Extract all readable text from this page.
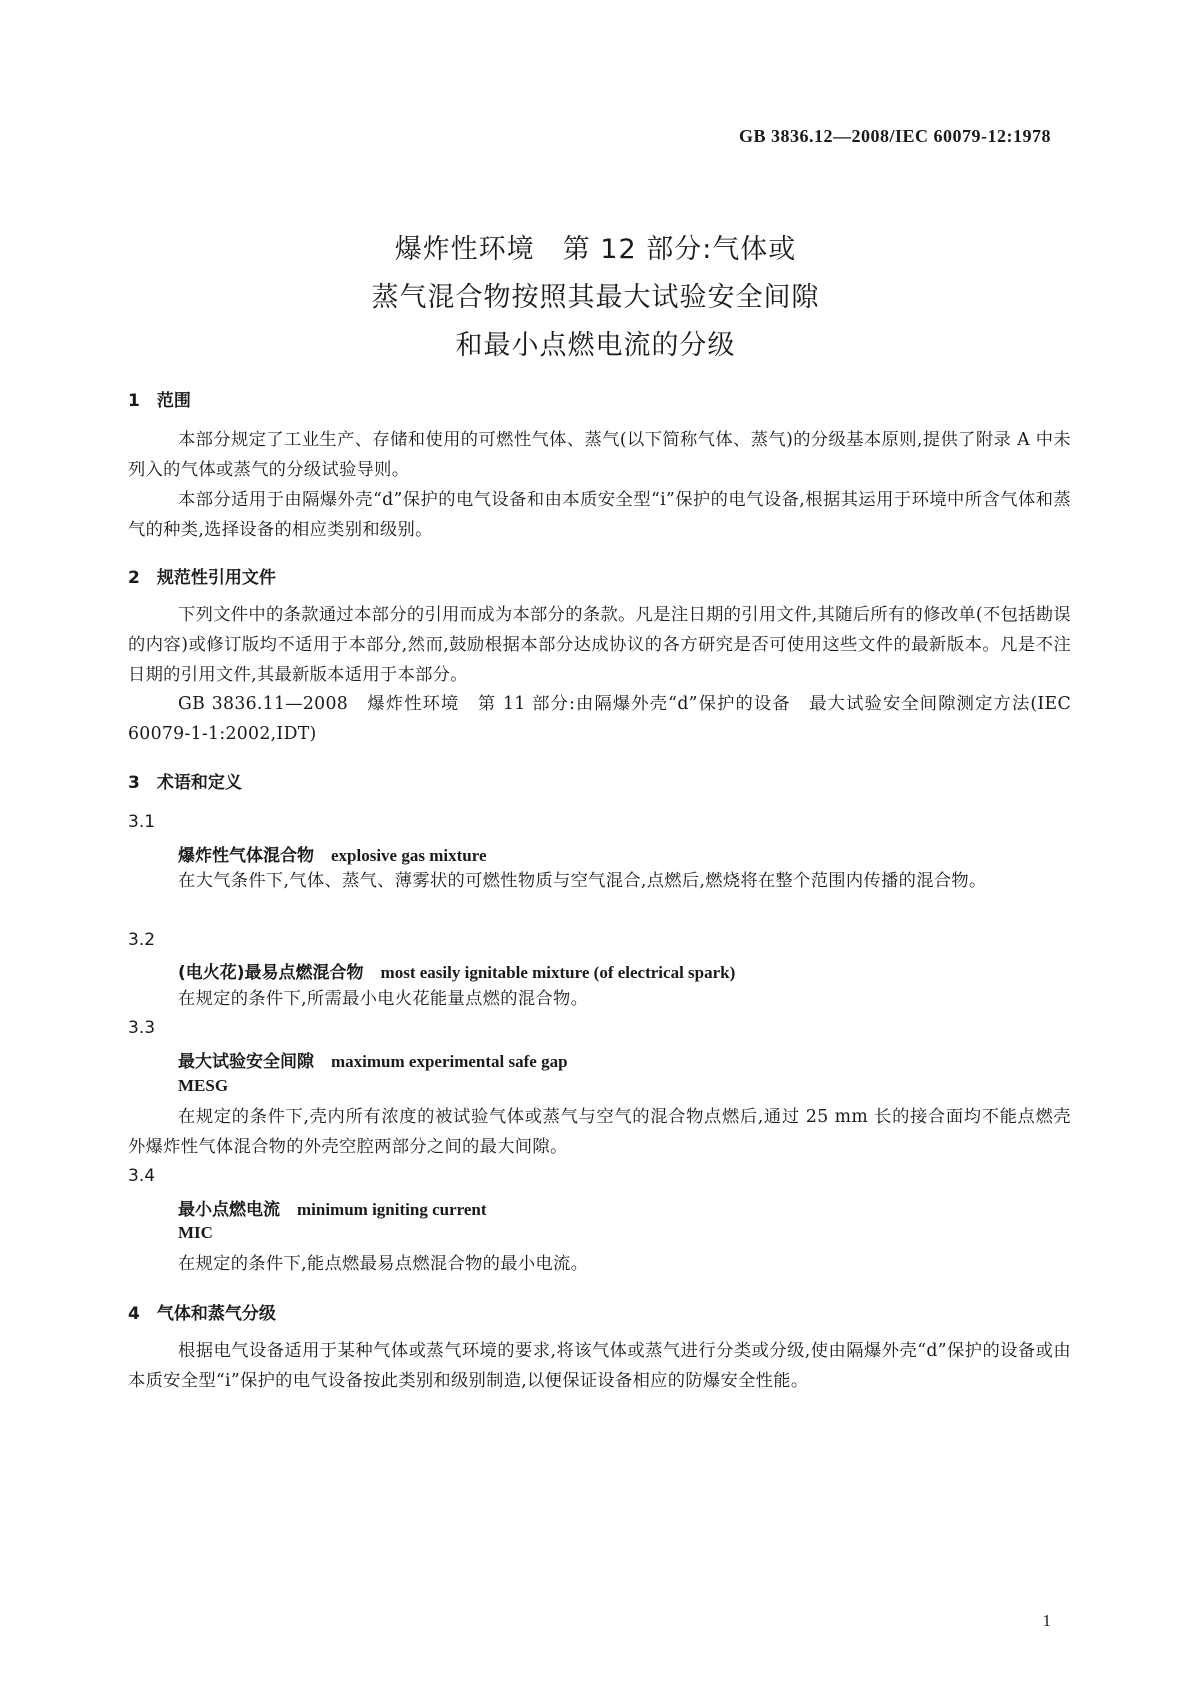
GB 3836.12—2008/IEC 60079-12:1978
爆炸性环境　第 12 部分:气体或
蒸气混合物按照其最大试验安全间隙
和最小点燃电流的分级
1　范围
本部分规定了工业生产、存储和使用的可燃性气体、蒸气(以下简称气体、蒸气)的分级基本原则,提供了附录 A 中未列入的气体或蒸气的分级试验导则。
本部分适用于由隔爆外壳“d”保护的电气设备和由本质安全型“i”保护的电气设备,根据其运用于环境中所含气体和蒸气的种类,选择设备的相应类别和级别。
2　规范性引用文件
下列文件中的条款通过本部分的引用而成为本部分的条款。凡是注日期的引用文件,其随后所有的修改单(不包括勘误的内容)或修订版均不适用于本部分,然而,鼓励根据本部分达成协议的各方研究是否可使用这些文件的最新版本。凡是不注日期的引用文件,其最新版本适用于本部分。
GB 3836.11—2008　爆炸性环境　第 11 部分:由隔爆外壳“d”保护的设备　最大试验安全间隙测定方法(IEC 60079-1-1:2002,IDT)
3　术语和定义
3.1
爆炸性气体混合物　 explosive gas mixture
在大气条件下,气体、蒸气、薄雾状的可燃性物质与空气混合,点燃后,燃烧将在整个范围内传播的混合物。
3.2
(电火花)最易点燃混合物　 most easily ignitable mixture (of electrical spark)
在规定的条件下,所需最小电火花能量点燃的混合物。
3.3
最大试验安全间隙　 maximum experimental safe gap
MESG
在规定的条件下,壳内所有浓度的被试验气体或蒸气与空气的混合物点燃后,通过 25 mm 长的接合面均不能点燃壳外爆炸性气体混合物的外壳空腔两部分之间的最大间隙。
3.4
最小点燃电流　 minimum igniting current
MIC
在规定的条件下,能点燃最易点燃混合物的最小电流。
4　气体和蒸气分级
根据电气设备适用于某种气体或蒸气环境的要求,将该气体或蒸气进行分类或分级,使由隔爆外壳“d”保护的设备或由本质安全型“i”保护的电气设备按此类别和级别制造,以便保证设备相应的防爆安全性能。
1
